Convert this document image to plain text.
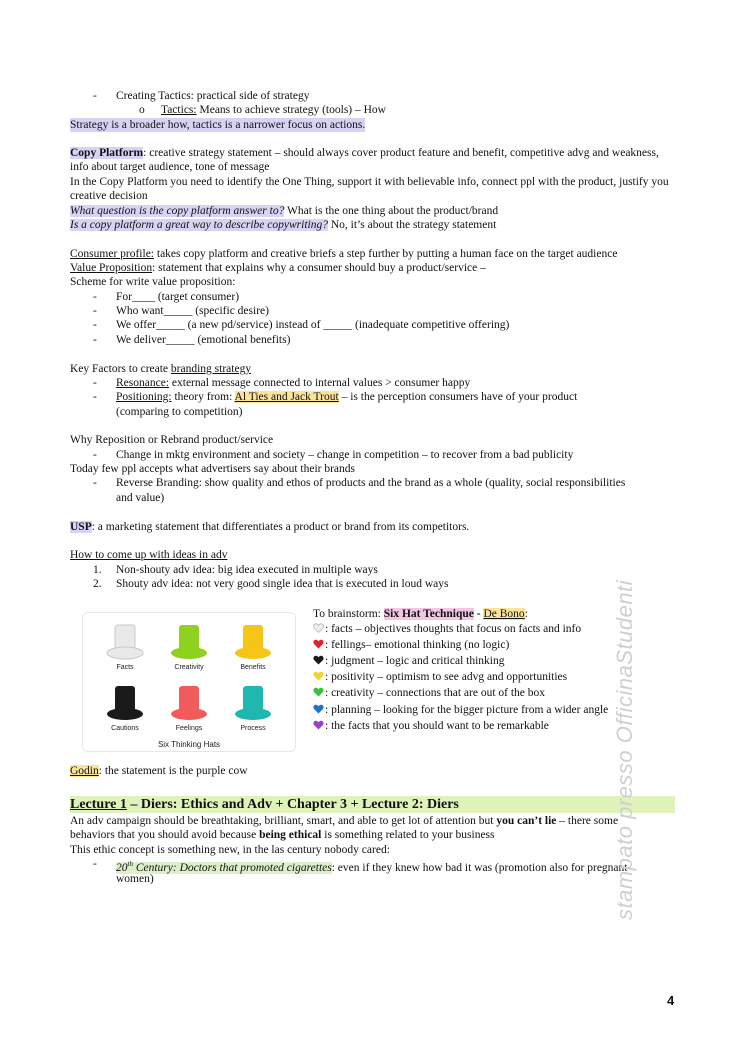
- Creating Tactics: practical side of strategy
o Tactics: Means to achieve strategy (tools) – How
Strategy is a broader how, tactics is a narrower focus on actions.
Copy Platform: creative strategy statement – should always cover product feature and benefit, competitive advg and weakness, info about target audience, tone of message
In the Copy Platform you need to identify the One Thing, support it with believable info, connect ppl with the product, justify you creative decision
What question is the copy platform answer to? What is the one thing about the product/brand
Is a copy platform a great way to describe copywriting? No, it’s about the strategy statement
Consumer profile: takes copy platform and creative briefs a step further by putting a human face on the target audience
Value Proposition: statement that explains why a consumer should buy a product/service –
Scheme for write value proposition:
- For____ (target consumer)
- Who want_____ (specific desire)
- We offer_____ (a new pd/service) instead of _____ (inadequate competitive offering)
- We deliver_____ (emotional benefits)
Key Factors to create branding strategy
- Resonance: external message connected to internal values > consumer happy
- Positioning: theory from: Al Ties and Jack Trout – is the perception consumers have of your product
(comparing to competition)
Why Reposition or Rebrand product/service
- Change in mktg environment and society – change in competition – to recover from a bad publicity
Today few ppl accepts what advertisers say about their brands
- Reverse Branding: show quality and ethos of products and the brand as a whole (quality, social responsibilities
and value)
USP: a marketing statement that differentiates a product or brand from its competitors.
How to come up with ideas in adv
1. Non-shouty adv idea: big idea executed in multiple ways
2. Shouty adv idea: not very good single idea that is executed in loud ways
Facts	Creativity	Benefits
Cautions	Feelings	Process
Six Thinking Hats
To brainstorm: Six Hat Technique - De Bono:
: facts – objectives thoughts that focus on facts and info
: fellings– emotional thinking (no logic)
: judgment – logic and critical thinking
: positivity – optimism to see advg and opportunities
: creativity – connections that are out of the box
: planning – looking for the bigger picture from a wider angle
: the facts that you should want to be remarkable
Godin: the statement is the purple cow
Lecture 1 – Diers: Ethics and Adv + Chapter 3 + Lecture 2: Diers
An adv campaign should be breathtaking, brilliant, smart, and able to get lot of attention but you can’t lie – there some
behaviors that you should avoid because being ethical is something related to your business
This ethic concept is something new, in the las century nobody cared:
- 20th Century: Doctors that promoted cigarettes: even if they knew how bad it was (promotion also for pregnant
women)	stampato presso OfficinaStudenti
4
